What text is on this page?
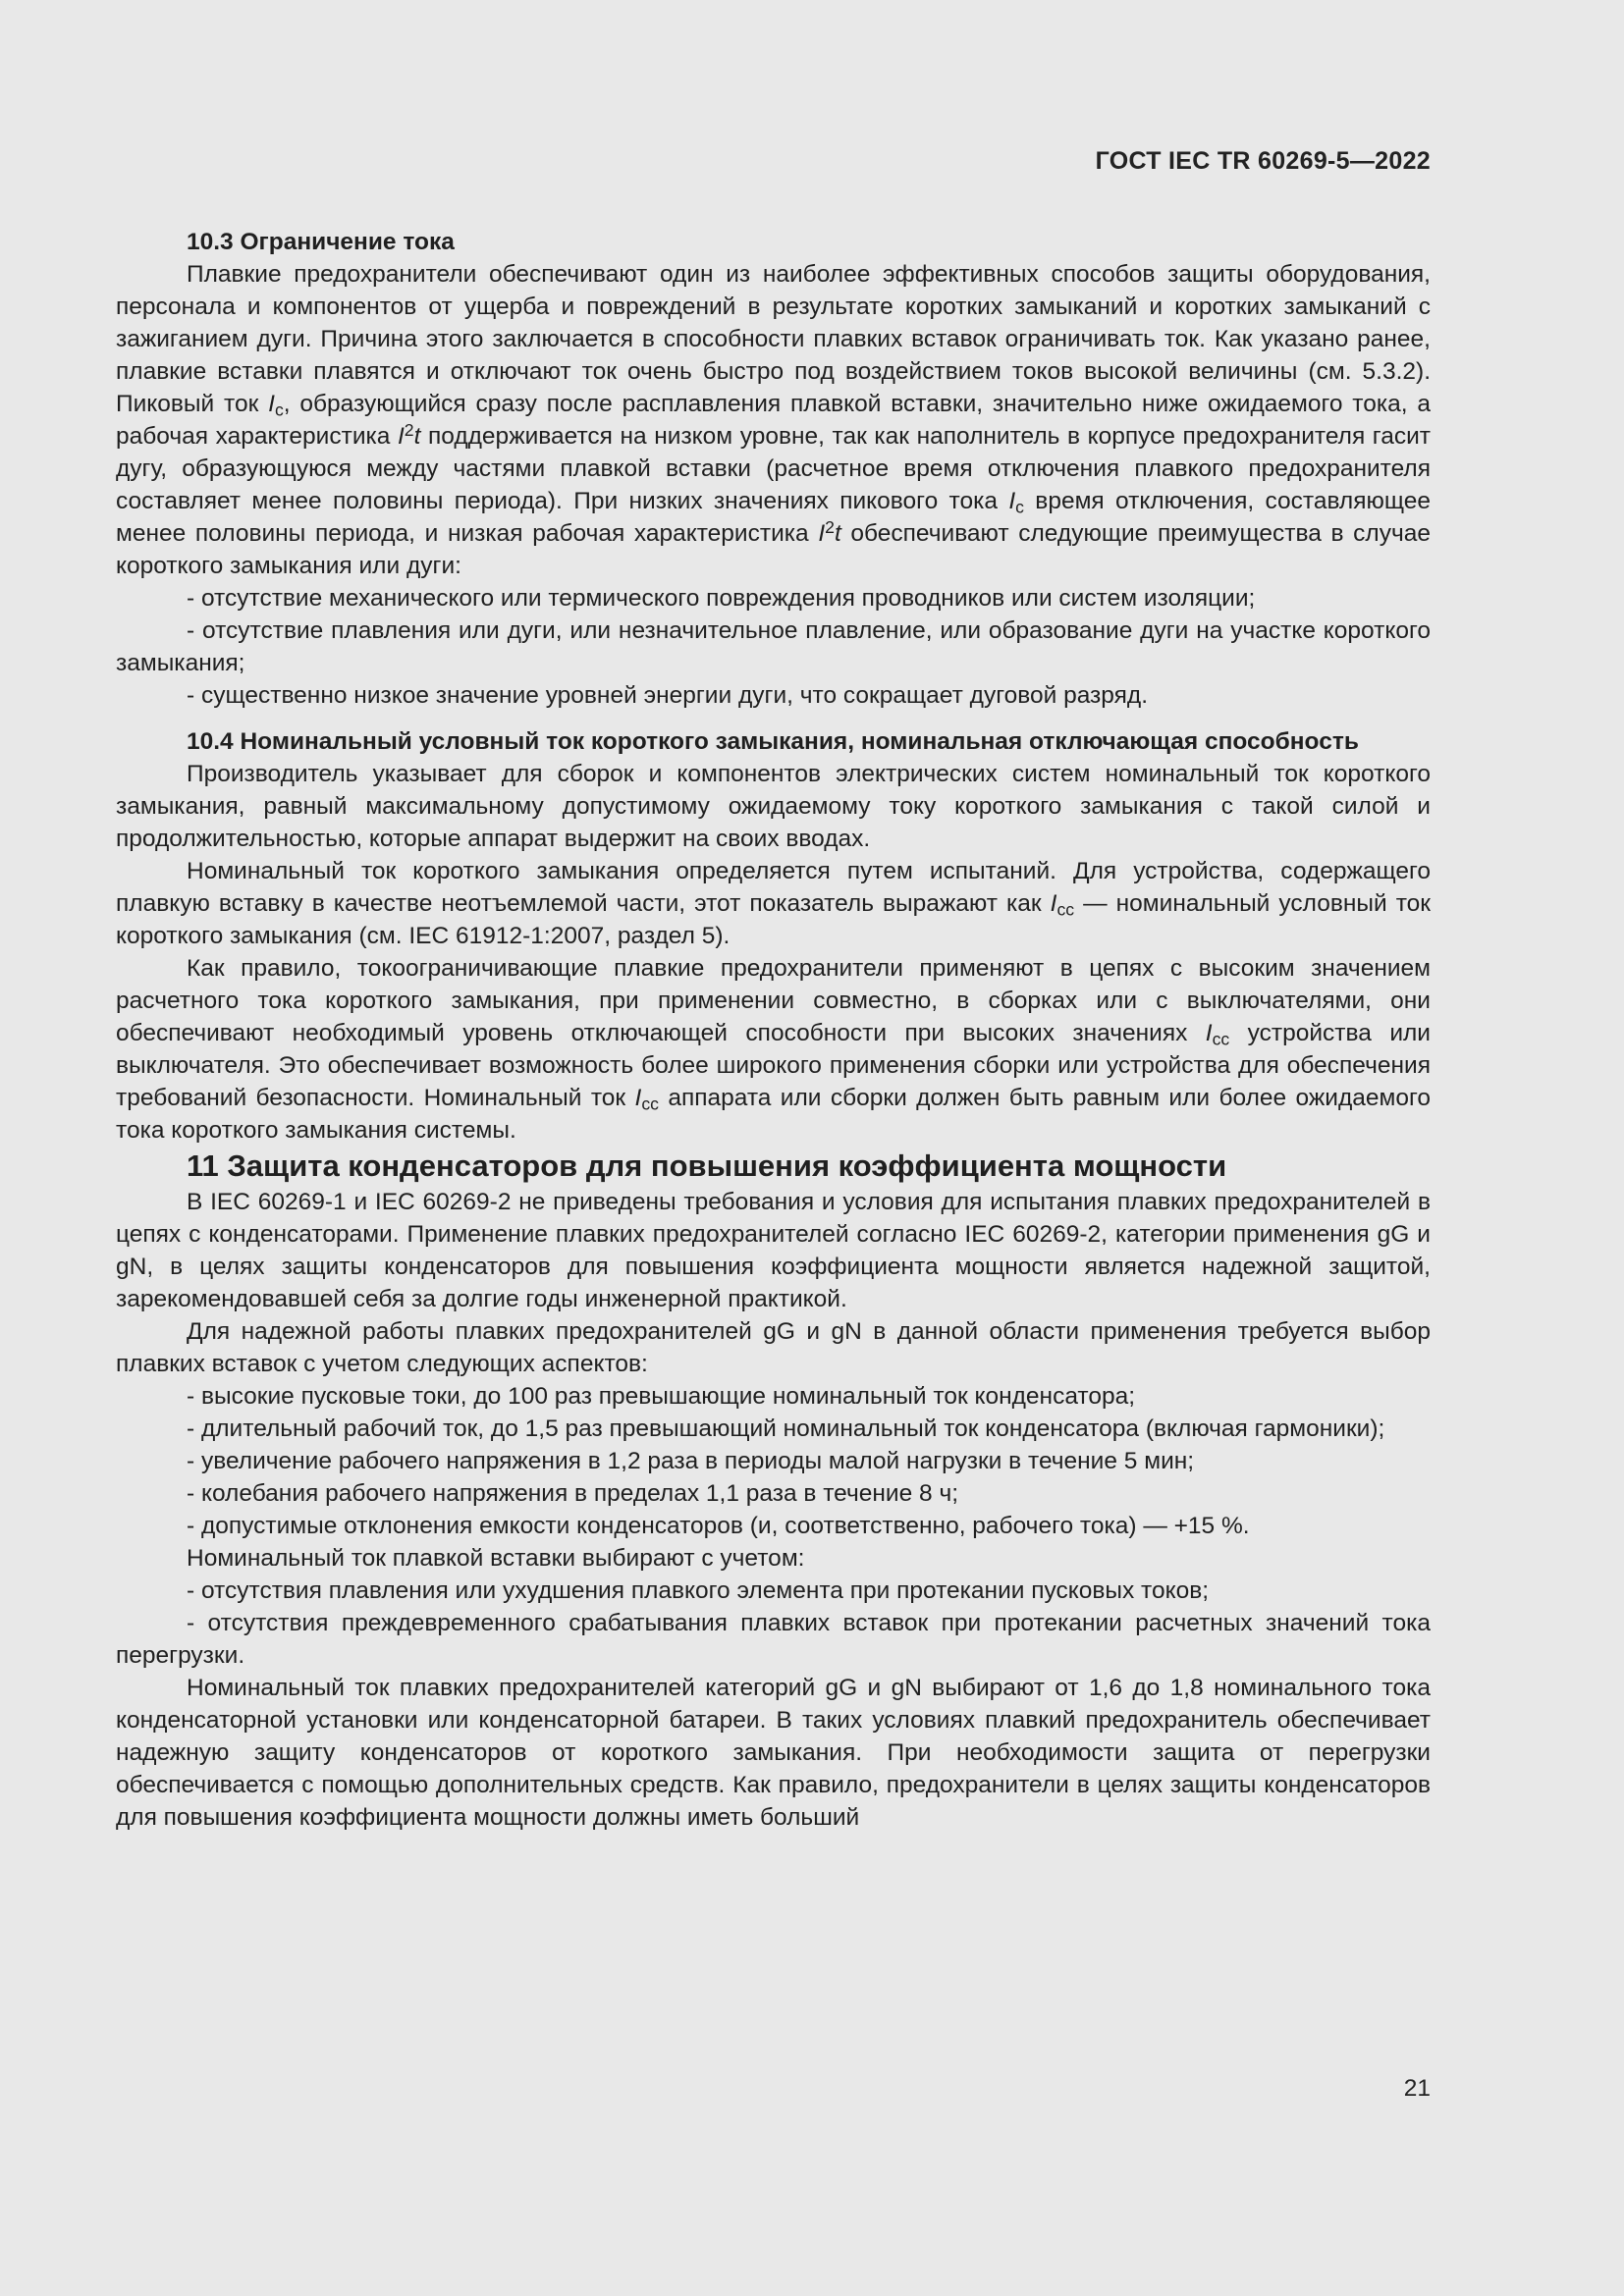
ГОСТ IEC TR 60269-5—2022

10.3 Ограничение тока

Плавкие предохранители обеспечивают один из наиболее эффективных способов защиты оборудования, персонала и компонентов от ущерба и повреждений в результате коротких замыканий и коротких замыканий с зажиганием дуги. Причина этого заключается в способности плавких вставок ограничивать ток. Как указано ранее, плавкие вставки плавятся и отключают ток очень быстро под воздействием токов высокой величины (см. 5.3.2). Пиковый ток Ic, образующийся сразу после расплавления плавкой вставки, значительно ниже ожидаемого тока, а рабочая характеристика $I^2t$ поддерживается на низком уровне, так как наполнитель в корпусе предохранителя гасит дугу, образующуюся между частями плавкой вставки (расчетное время отключения плавкого предохранителя составляет менее половины периода). При низких значениях пикового тока Ic время отключения, составляющее менее половины периода, и низкая рабочая характеристика $I^2t$ обеспечивают следующие преимущества в случае короткого замыкания или дуги:

- отсутствие механического или термического повреждения проводников или систем изоляции;

- отсутствие плавления или дуги, или незначительное плавление, или образование дуги на участке короткого замыкания;

- существенно низкое значение уровней энергии дуги, что сокращает дуговой разряд.

10.4 Номинальный условный ток короткого замыкания, номинальная отключающая способность

Производитель указывает для сборок и компонентов электрических систем номинальный ток короткого замыкания, равный максимальному допустимому ожидаемому току короткого замыкания с такой силой и продолжительностью, которые аппарат выдержит на своих вводах.

Номинальный ток короткого замыкания определяется путем испытаний. Для устройства, содержащего плавкую вставку в качестве неотъемлемой части, этот показатель выражают как Icc — номинальный условный ток короткого замыкания (см. IEC 61912-1:2007, раздел 5).

Как правило, токоограничивающие плавкие предохранители применяют в цепях с высоким значением расчетного тока короткого замыкания, при применении совместно, в сборках или с выключателями, они обеспечивают необходимый уровень отключающей способности при высоких значениях Icc устройства или выключателя. Это обеспечивает возможность более широкого применения сборки или устройства для обеспечения требований безопасности. Номинальный ток Icc аппарата или сборки должен быть равным или более ожидаемого тока короткого замыкания системы.

11 Защита конденсаторов для повышения коэффициента мощности

В IEC 60269-1 и IEC 60269-2 не приведены требования и условия для испытания плавких предохранителей в цепях с конденсаторами. Применение плавких предохранителей согласно IEC 60269-2, категории применения gG и gN, в целях защиты конденсаторов для повышения коэффициента мощности является надежной защитой, зарекомендовавшей себя за долгие годы инженерной практикой.

Для надежной работы плавких предохранителей gG и gN в данной области применения требуется выбор плавких вставок с учетом следующих аспектов:

- высокие пусковые токи, до 100 раз превышающие номинальный ток конденсатора;

- длительный рабочий ток, до 1,5 раз превышающий номинальный ток конденсатора (включая гармоники);

- увеличение рабочего напряжения в 1,2 раза в периоды малой нагрузки в течение 5 мин;

- колебания рабочего напряжения в пределах 1,1 раза в течение 8 ч;

- допустимые отклонения емкости конденсаторов (и, соответственно, рабочего тока) — +15 %.

Номинальный ток плавкой вставки выбирают с учетом:

- отсутствия плавления или ухудшения плавкого элемента при протекании пусковых токов;

- отсутствия преждевременного срабатывания плавких вставок при протекании расчетных значений тока перегрузки.

Номинальный ток плавких предохранителей категорий gG и gN выбирают от 1,6 до 1,8 номинального тока конденсаторной установки или конденсаторной батареи. В таких условиях плавкий предохранитель обеспечивает надежную защиту конденсаторов от короткого замыкания. При необходимости защита от перегрузки обеспечивается с помощью дополнительных средств. Как правило, предохранители в целях защиты конденсаторов для повышения коэффициента мощности должны иметь больший

21
